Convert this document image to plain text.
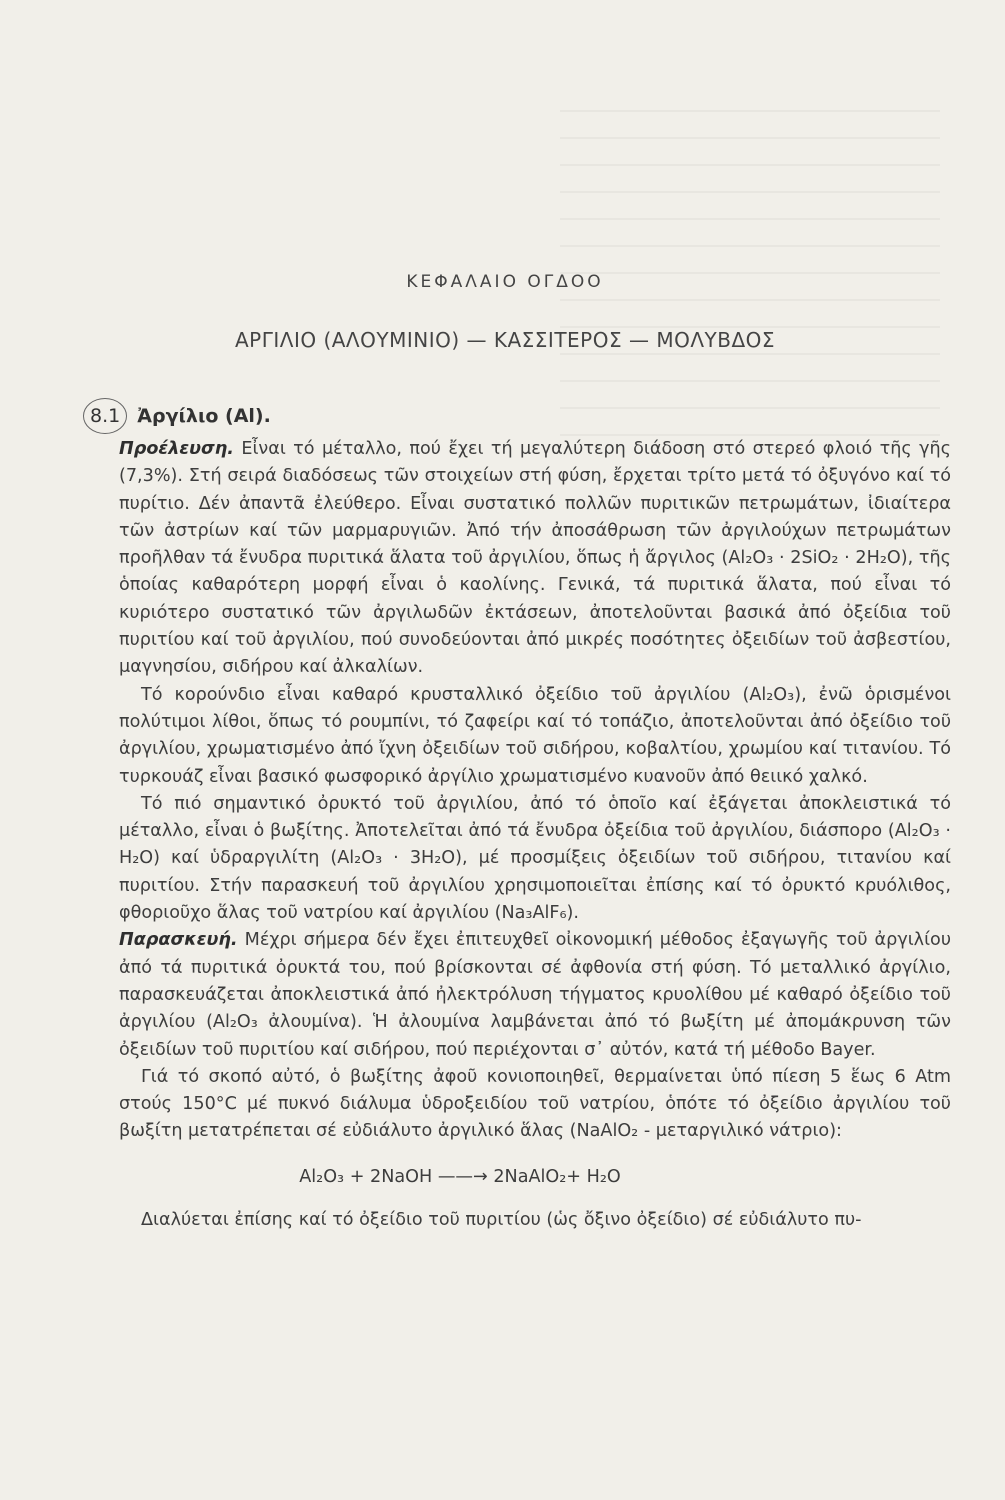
ΚΕΦΑΛΑΙΟ ΟΓΔΟΟ
ΑΡΓΙΛΙΟ (ΑΛΟΥΜΙΝΙΟ) — ΚΑΣΣΙΤΕΡΟΣ — ΜΟΛΥΒΔΟΣ
8.1 Ἀργίλιο (Al).

Προέλευση. Εἶναι τό μέταλλο, πού ἔχει τή μεγαλύτερη διάδοση στό στερεό φλοιό τῆς γῆς (7,3%). Στή σειρά διαδόσεως τῶν στοιχείων στή φύση, ἔρχεται τρίτο μετά τό ὀξυγόνο καί τό πυρίτιο. Δέν ἀπαντᾶ ἐλεύθερο. Εἶναι συστατικό πολλῶν πυριτικῶν πετρωμάτων, ἰδιαίτερα τῶν ἀστρίων καί τῶν μαρμαρυγιῶν. Ἀπό τήν ἀποσάθρωση τῶν ἀργιλούχων πετρωμάτων προῆλθαν τά ἔνυδρα πυριτικά ἅλατα τοῦ ἀργιλίου, ὅπως ἡ ἄργιλος (Al₂O₃ · 2SiO₂ · 2H₂O), τῆς ὁποίας καθαρότερη μορφή εἶναι ὁ καολίνης. Γενικά, τά πυριτικά ἅλατα, πού εἶναι τό κυριότερο συστατικό τῶν ἀργιλωδῶν ἐκτάσεων, ἀποτελοῦνται βασικά ἀπό ὀξείδια τοῦ πυριτίου καί τοῦ ἀργιλίου, πού συνοδεύονται ἀπό μικρές ποσότητες ὀξειδίων τοῦ ἀσβεστίου, μαγνησίου, σιδήρου καί ἀλκαλίων.

Τό κορούνδιο εἶναι καθαρό κρυσταλλικό ὀξείδιο τοῦ ἀργιλίου (Al₂O₃), ἐνῶ ὁρισμένοι πολύτιμοι λίθοι, ὅπως τό ρουμπίνι, τό ζαφείρι καί τό τοπάζιο, ἀποτελοῦνται ἀπό ὀξείδιο τοῦ ἀργιλίου, χρωματισμένο ἀπό ἴχνη ὀξειδίων τοῦ σιδήρου, κοβαλτίου, χρωμίου καί τιτανίου. Τό τυρκουάζ εἶναι βασικό φωσφορικό ἀργίλιο χρωματισμένο κυανοῦν ἀπό θειικό χαλκό.

Τό πιό σημαντικό ὀρυκτό τοῦ ἀργιλίου, ἀπό τό ὁποῖο καί ἐξάγεται ἀποκλειστικά τό μέταλλο, εἶναι ὁ βωξίτης. Ἀποτελεῖται ἀπό τά ἔνυδρα ὀξείδια τοῦ ἀργιλίου, διάσπορο (Al₂O₃ · H₂O) καί ὑδραργιλίτη (Al₂O₃ · 3H₂O), μέ προσμίξεις ὀξειδίων τοῦ σιδήρου, τιτανίου καί πυριτίου. Στήν παρασκευή τοῦ ἀργιλίου χρησιμοποιεῖται ἐπίσης καί τό ὀρυκτό κρυόλιθος, φθοριοῦχο ἅλας τοῦ νατρίου καί ἀργιλίου (Na₃AlF₆).

Παρασκευή. Μέχρι σήμερα δέν ἔχει ἐπιτευχθεῖ οἰκονομική μέθοδος ἐξαγωγῆς τοῦ ἀργιλίου ἀπό τά πυριτικά ὀρυκτά του, πού βρίσκονται σέ ἀφθονία στή φύση. Τό μεταλλικό ἀργίλιο, παρασκευάζεται ἀποκλειστικά ἀπό ἠλεκτρόλυση τήγματος κρυολίθου μέ καθαρό ὀξείδιο τοῦ ἀργιλίου (Al₂O₃ ἀλουμίνα). Ἡ ἀλουμίνα λαμβάνεται ἀπό τό βωξίτη μέ ἀπομάκρυνση τῶν ὀξειδίων τοῦ πυριτίου καί σιδήρου, πού περιέχονται σ᾽ αὐτόν, κατά τή μέθοδο Bayer.

Γιά τό σκοπό αὐτό, ὁ βωξίτης ἀφοῦ κονιοποιηθεῖ, θερμαίνεται ὑπό πίεση 5 ἕως 6 Atm στούς 150°C μέ πυκνό διάλυμα ὑδροξειδίου τοῦ νατρίου, ὁπότε τό ὀξείδιο ἀργιλίου τοῦ βωξίτη μετατρέπεται σέ εὐδιάλυτο ἀργιλικό ἅλας (NaAlO₂ - μεταργιλικό νάτριο):

Al₂O₃ + 2NaOH ——→ 2NaAlO₂+ H₂O

Διαλύεται ἐπίσης καί τό ὀξείδιο τοῦ πυριτίου (ὡς ὄξινο ὀξείδιο) σέ εὐδιάλυτο πυ-
